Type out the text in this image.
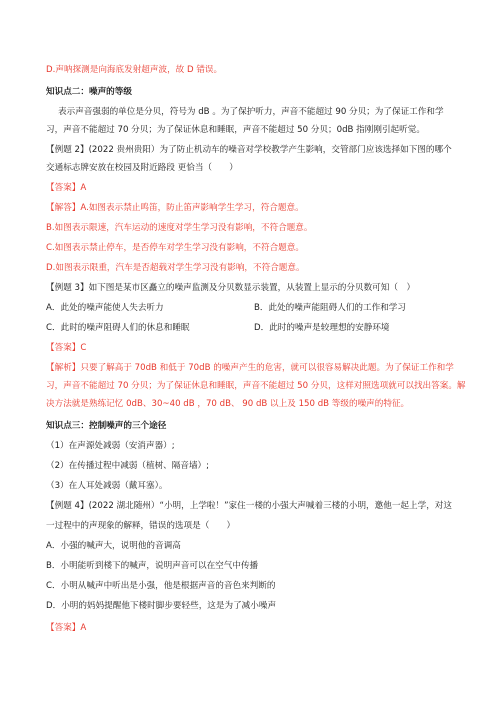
D.声呐探测是向海底发射超声波，故 D 错误。
知识点二：噪声的等级
表示声音强弱的单位是分贝，符号为 dB 。为了保护听力，声音不能超过 90 分贝；为了保证工作和学
习，声音不能超过 70 分贝；为了保证休息和睡眠，声音不能超过 50 分贝；0dB 指刚刚引起听觉。
【例题 2】(2022 贵州贵阳）为了防止机动车的噪音对学校教学产生影响，交管部门应该选择如下图的哪个
交通标志牌安放在校园及附近路段 更恰当（　　）
【答案】A
【解答】A.如图表示禁止鸣笛，防止笛声影响学生学习，符合题意。
B.如图表示限速，汽车运动的速度对学生学习没有影响，不符合题意。
C.如图表示禁止停车，是否停车对学生学习没有影响，不符合题意。
D.如图表示限重，汽车是否超载对学生学习没有影响，不符合题意。
【例题 3】如下图是某市区矗立的噪声监测及分贝数显示装置，从装置上显示的分贝数可知（　）
A．此处的噪声能使人失去听力	B．此处的噪声能阻碍人们的工作和学习
C．此时的噪声阻碍人们的休息和睡眠	D．此时的噪声是较理想的安静环境
【答案】C
【解析】只要了解高于 70dB 和低于 70dB 的噪声产生的危害，就可以很容易解决此题。为了保证工作和学
习，声音不能超过 70 分贝；为了保证休息和睡眠，声音不能超过 50 分贝，这样对照选项就可以找出答案。解
决方法就是熟练记忆 0dB、30~40 dB ，70 dB、 90 dB 以上及 150 dB 等级的噪声的特征。
知识点三：控制噪声的三个途径
（1）在声源处减弱（安消声器）;
（2）在传播过程中减弱（植树、隔音墙）;
（3）在人耳处减弱（戴耳塞）。
【例题 4】(2022 湖北随州）“小明，上学啦！”家住一楼的小强大声喊着三楼的小明，邀他一起上学，对这
一过程中的声现象的解释，错误的选项是（　　）
A．小强的喊声大，说明他的音调高
B．小明能听到楼下的喊声，说明声音可以在空气中传播
C．小明从喊声中听出是小强，他是根据声音的音色来判断的
D．小明的妈妈提醒他下楼时脚步要轻些，这是为了减小噪声
【答案】A
